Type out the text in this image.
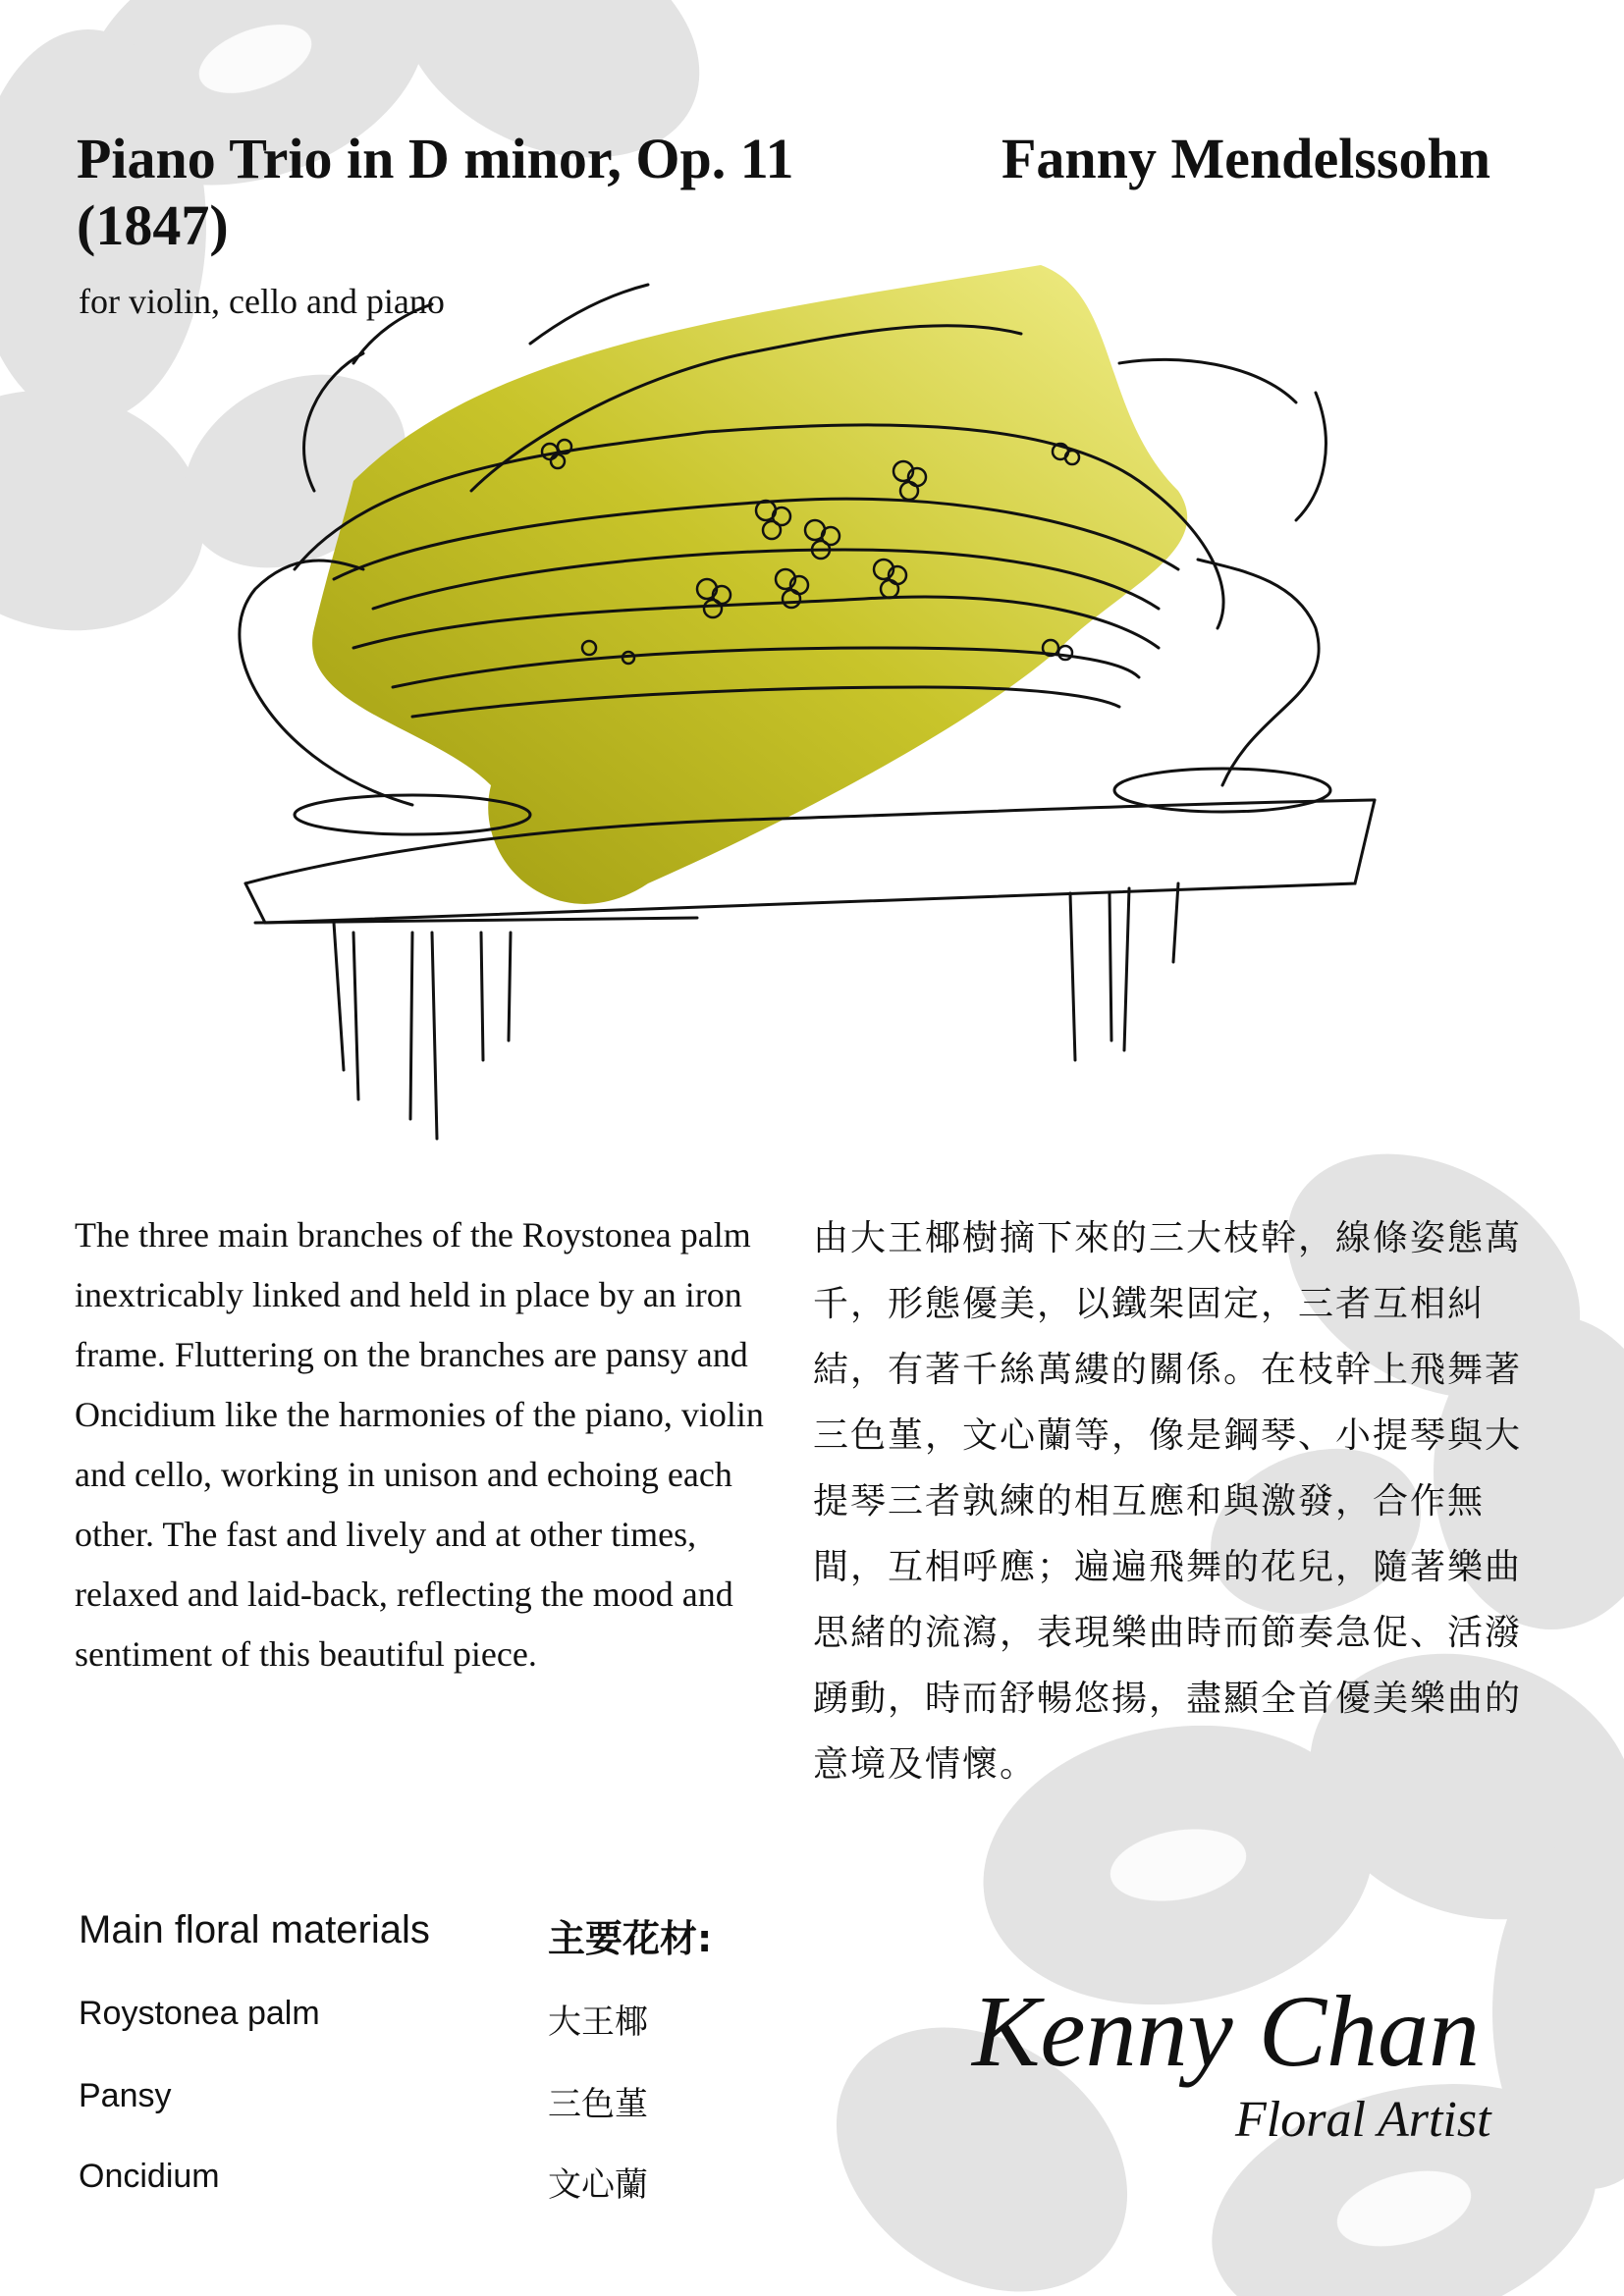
Piano Trio in D minor, Op. 11 (1847)
Fanny Mendelssohn
for violin, cello and piano

The three main branches of the Roystonea palm inextricably linked and held in place by an iron frame. Fluttering on the branches are pansy and Oncidium like the harmonies of the piano, violin and cello, working in unison and echoing each other. The fast and lively and at other times, relaxed and laid-back, reflecting the mood and sentiment of this beautiful piece.

由大王椰樹摘下來的三大枝幹，線條姿態萬千，形態優美，以鐵架固定，三者互相糾結，有著千絲萬縷的關係。在枝幹上飛舞著三色堇，文心蘭等，像是鋼琴、小提琴與大提琴三者孰練的相互應和與激發，合作無間，互相呼應；遍遍飛舞的花兒，隨著樂曲思緒的流瀉，表現樂曲時而節奏急促、活潑踴動，時而舒暢悠揚，盡顯全首優美樂曲的意境及情懷。

Main floral materials	主要花材:
Roystonea palm	大王椰
Pansy	三色堇
Oncidium	文心蘭
Kenny Chan
Floral Artist
